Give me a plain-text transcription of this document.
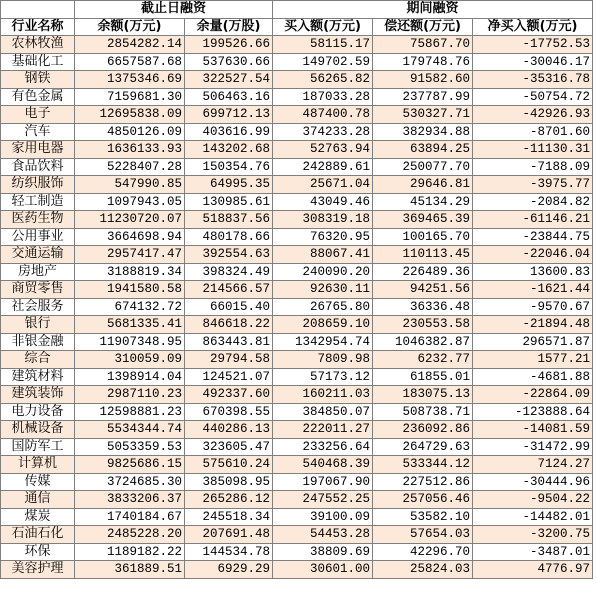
	截止日融资		期间融资		
行业名称	余额(万元)	余量(万股)	买入额(万元)	偿还额(万元)	净买入额(万元)
农林牧渔	2854282.14	199526.66	58115.17	75867.70	-17752.53
基础化工	6657587.68	537630.66	149702.59	179748.76	-30046.17
钢铁	1375346.69	322527.54	56265.82	91582.60	-35316.78
有色金属	7159681.30	506463.16	187033.28	237787.99	-50754.72
电子	12695838.09	699712.13	487400.78	530327.71	-42926.93
汽车	4850126.09	403616.99	374233.28	382934.88	-8701.60
家用电器	1636133.93	143202.68	52763.94	63894.25	-11130.31
食品饮料	5228407.28	150354.76	242889.61	250077.70	-7188.09
纺织服饰	547990.85	64995.35	25671.04	29646.81	-3975.77
轻工制造	1097943.05	130985.61	43049.46	45134.29	-2084.82
医药生物	11230720.07	518837.56	308319.18	369465.39	-61146.21
公用事业	3664698.94	480178.66	76320.95	100165.70	-23844.75
交通运输	2957417.47	392554.63	88067.41	110113.45	-22046.04
房地产	3188819.34	398324.49	240090.20	226489.36	13600.83
商贸零售	1941580.58	214566.57	92630.11	94251.56	-1621.44
社会服务	674132.72	66015.40	26765.80	36336.48	-9570.67
银行	5681335.41	846618.22	208659.10	230553.58	-21894.48
非银金融	11907348.95	863443.81	1342954.74	1046382.87	296571.87
综合	310059.09	29794.58	7809.98	6232.77	1577.21
建筑材料	1398914.04	124521.07	57173.12	61855.01	-4681.88
建筑装饰	2987110.23	492337.60	160211.03	183075.13	-22864.09
电力设备	12598881.23	670398.55	384850.07	508738.71	-123888.64
机械设备	5534344.74	440286.13	222011.27	236092.86	-14081.59
国防军工	5053359.53	323605.47	233256.64	264729.63	-31472.99
计算机	9825686.15	575610.24	540468.39	533344.12	7124.27
传媒	3724685.30	385098.95	197067.90	227512.86	-30444.96
通信	3833206.37	265286.12	247552.25	257056.46	-9504.22
煤炭	1740184.67	245518.34	39100.09	53582.10	-14482.01
石油石化	2485228.20	207691.48	54453.28	57654.03	-3200.75
环保	1189182.22	144534.78	38809.69	42296.70	-3487.01
美容护理	361889.51	6929.29	30601.00	25824.03	4776.97
